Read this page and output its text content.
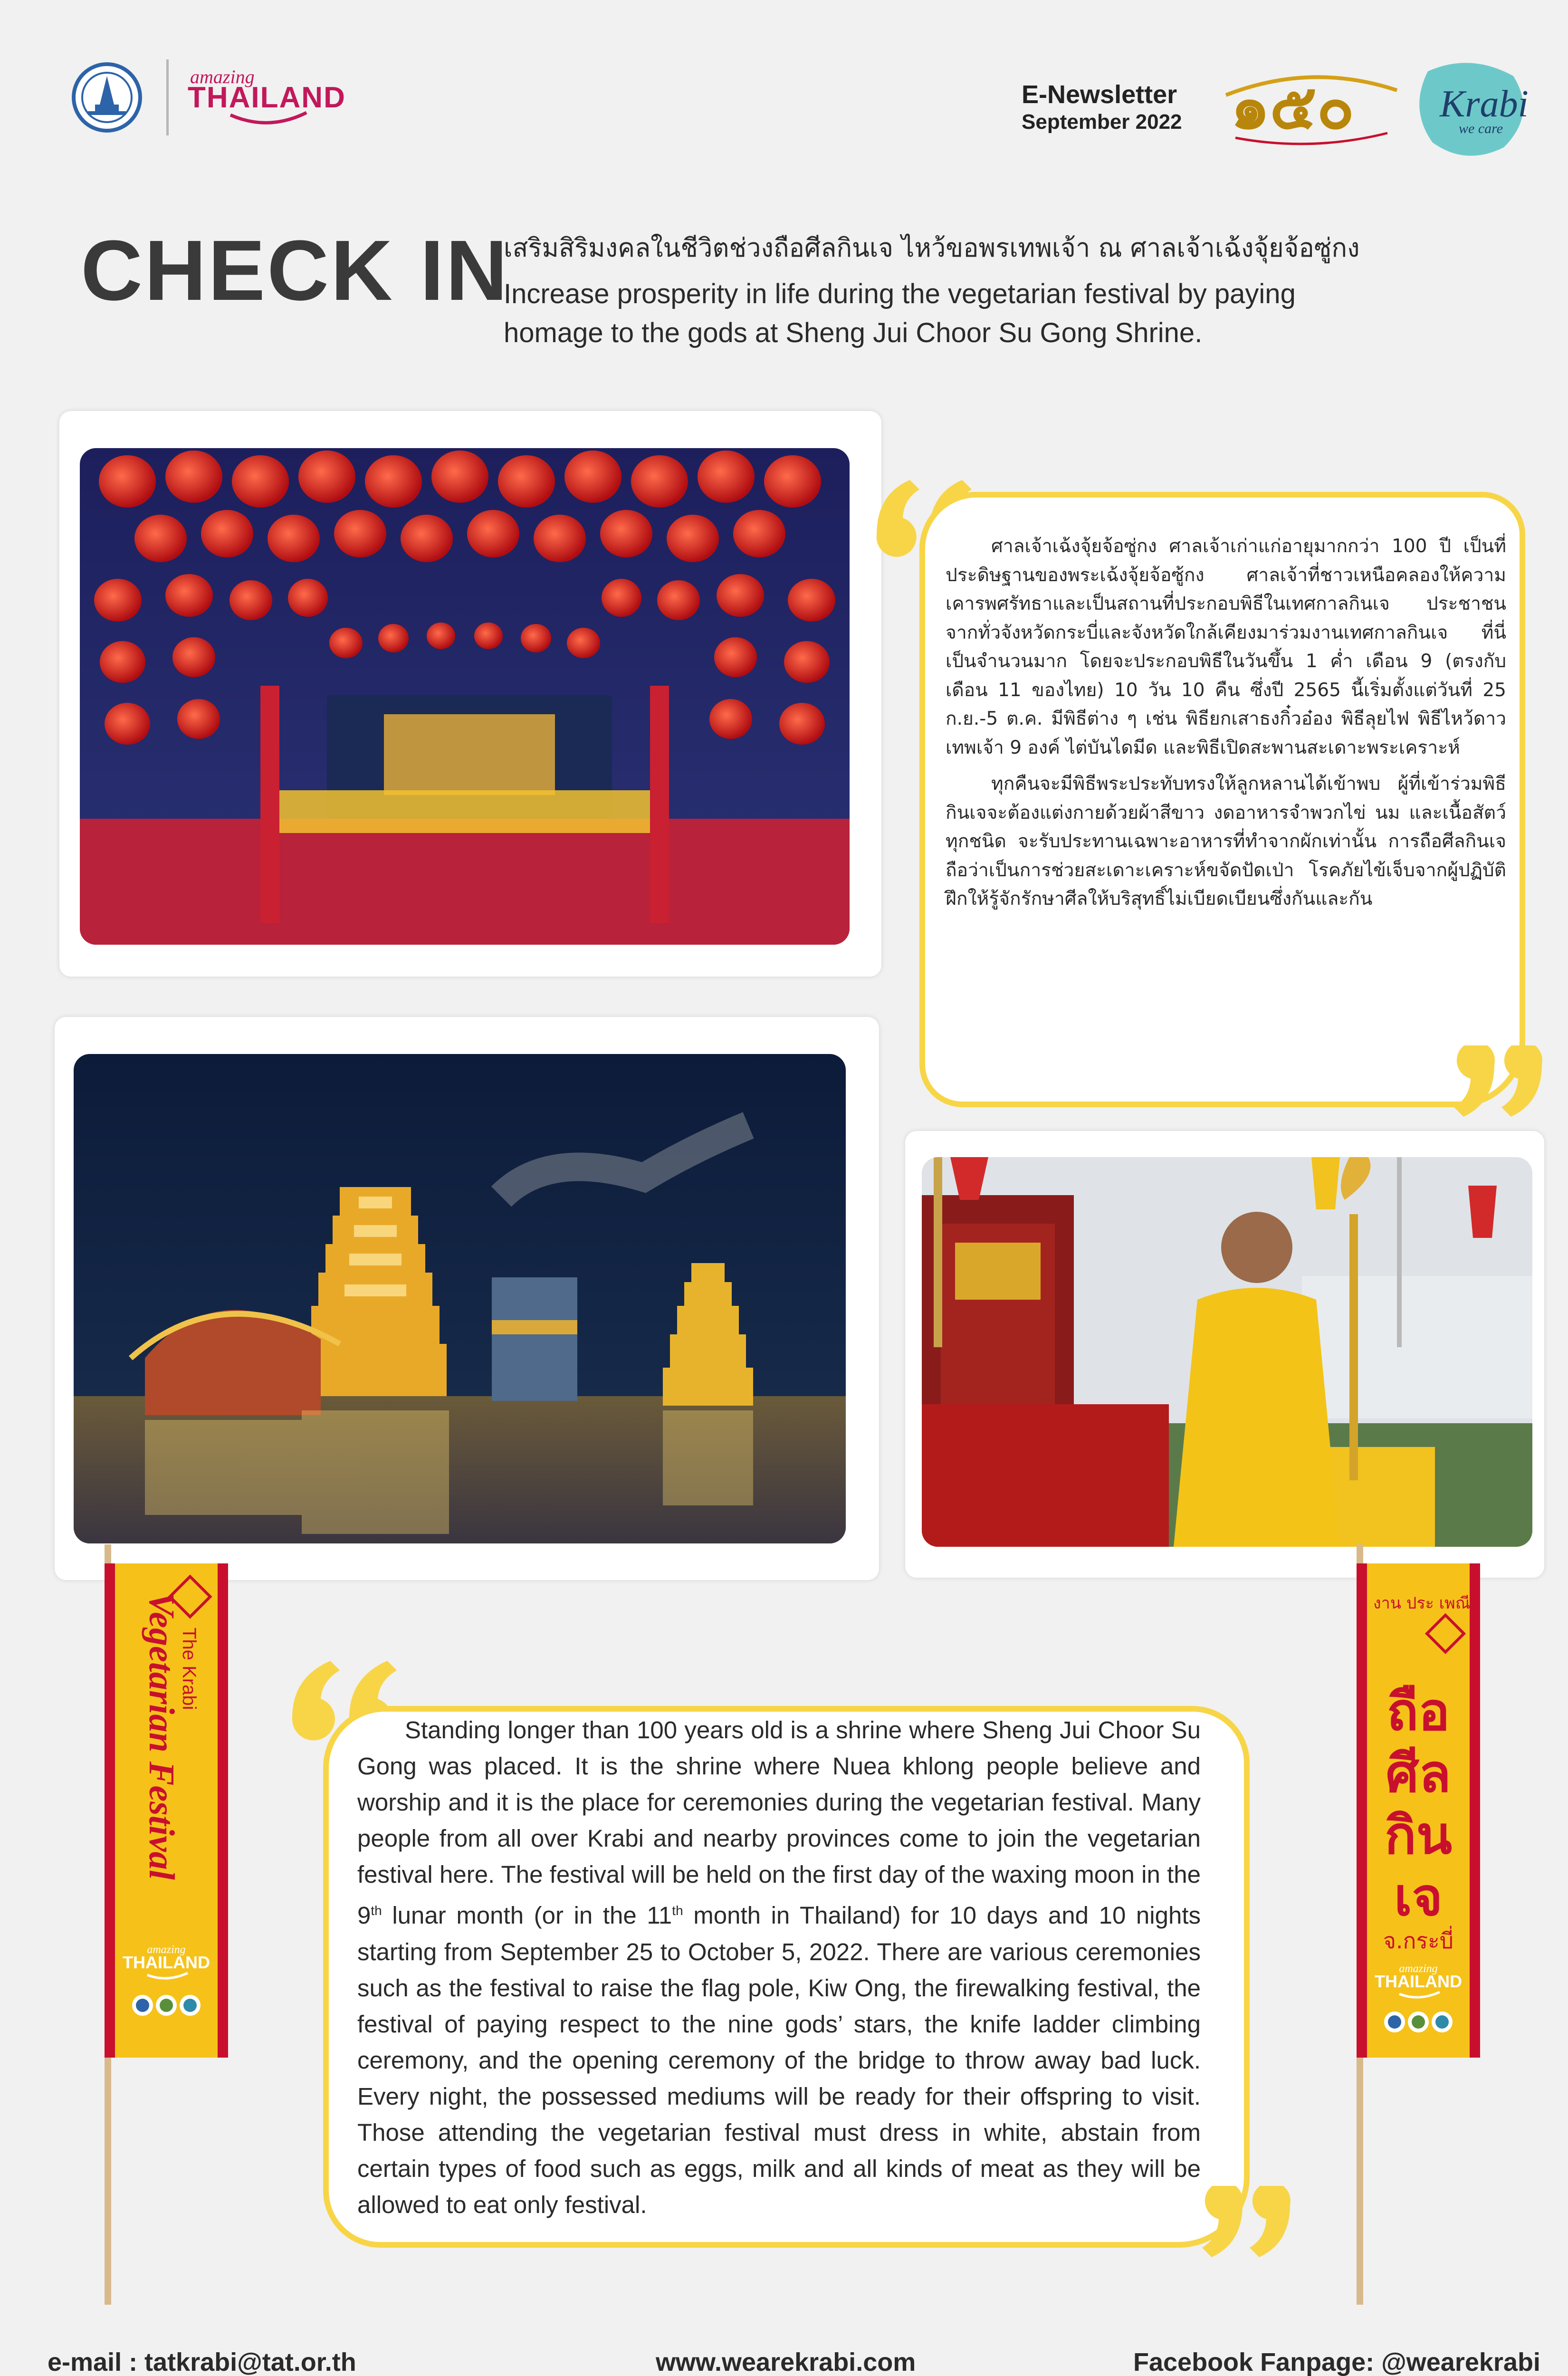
amazing
THAILAND	E-Newsletter
September 2022 ๑๕๐ Krabi
we care
CHECK IN
เสริมสิริมงคลในชีวิตช่วงถือศีลกินเจ ไหว้ขอพรเทพเจ้า ณ ศาลเจ้าเฉ้งจุ้ยจ้อซู่กง
Increase prosperity in life during the vegetarian festival by paying homage to the gods at Sheng Jui Choor Su Gong Shrine.

ศาลเจ้าเฉ้งจุ้ยจ้อซู่กง ศาลเจ้าเก่าแก่อายุมากกว่า 100 ปี เป็นที่ประดิษฐานของพระเฉ้งจุ้ยจ้อซู้กง ศาลเจ้าที่ชาวเหนือคลองให้ความเคารพศรัทธาและเป็นสถานที่ประกอบพิธีในเทศกาลกินเจ ประชาชนจากทั่วจังหวัดกระบี่และจังหวัดใกล้เคียงมาร่วมงานเทศกาลกินเจ ที่นี่เป็นจำนวนมาก โดยจะประกอบพิธีในวันขึ้น 1 ค่ำ เดือน 9 (ตรงกับเดือน 11 ของไทย) 10 วัน 10 คืน ซึ่งปี 2565 นี้เริ่มตั้งแต่วันที่ 25 ก.ย.-5 ต.ค. มีพิธีต่าง ๆ เช่น พิธียกเสาธงกิ๋วอ๋อง พิธีลุยไฟ พิธีไหว้ดาวเทพเจ้า 9 องค์ ไต่บันไดมีด และพิธีเปิดสะพานสะเดาะพระเคราะห์

ทุกคืนจะมีพิธีพระประทับทรงให้ลูกหลานได้เข้าพบ ผู้ที่เข้าร่วมพิธีกินเจจะต้องแต่งกายด้วยผ้าสีขาว งดอาหารจำพวกไข่ นม และเนื้อสัตว์ทุกชนิด จะรับประทานเฉพาะอาหารที่ทำจากผักเท่านั้น การถือศีลกินเจถือว่าเป็นการช่วยสะเดาะเคราะห์ขจัดปัดเป่า โรคภัยไข้เจ็บจากผู้ปฏิบัติ ฝึกให้รู้จักรักษาศีลให้บริสุทธิ์ไม่เบียดเบียนซึ่งกันและกัน

The Krabi
Vegetarian Festival
amazing
THAILAND
งาน ประ เพณี
ถือ
ศีล
กิน
เจ
จ.กระบี่
amazing
THAILAND

Standing longer than 100 years old is a shrine where Sheng Jui Choor Su Gong was placed. It is the shrine where Nuea khlong people believe and worship and it is the place for ceremonies during the vegetarian festival. Many people from all over Krabi and nearby provinces come to join the vegetarian festival here. The festival will be held on the first day of the waxing moon in the 9th lunar month (or in the 11th month in Thailand) for 10 days and 10 nights starting from September 25 to October 5, 2022. There are various ceremonies such as the festival to raise the flag pole, Kiw Ong, the firewalking festival, the festival of paying respect to the nine gods’ stars, the knife ladder climbing ceremony, and the opening ceremony of the bridge to throw away bad luck. Every night, the possessed mediums will be ready for their offspring to visit. Those attending the vegetarian festival must dress in white, abstain from certain types of food such as eggs, milk and all kinds of meat as they will be allowed to eat only festival.

e-mail : tatkrabi@tat.or.th	www.wearekrabi.com	Facebook Fanpage: @wearekrabi
